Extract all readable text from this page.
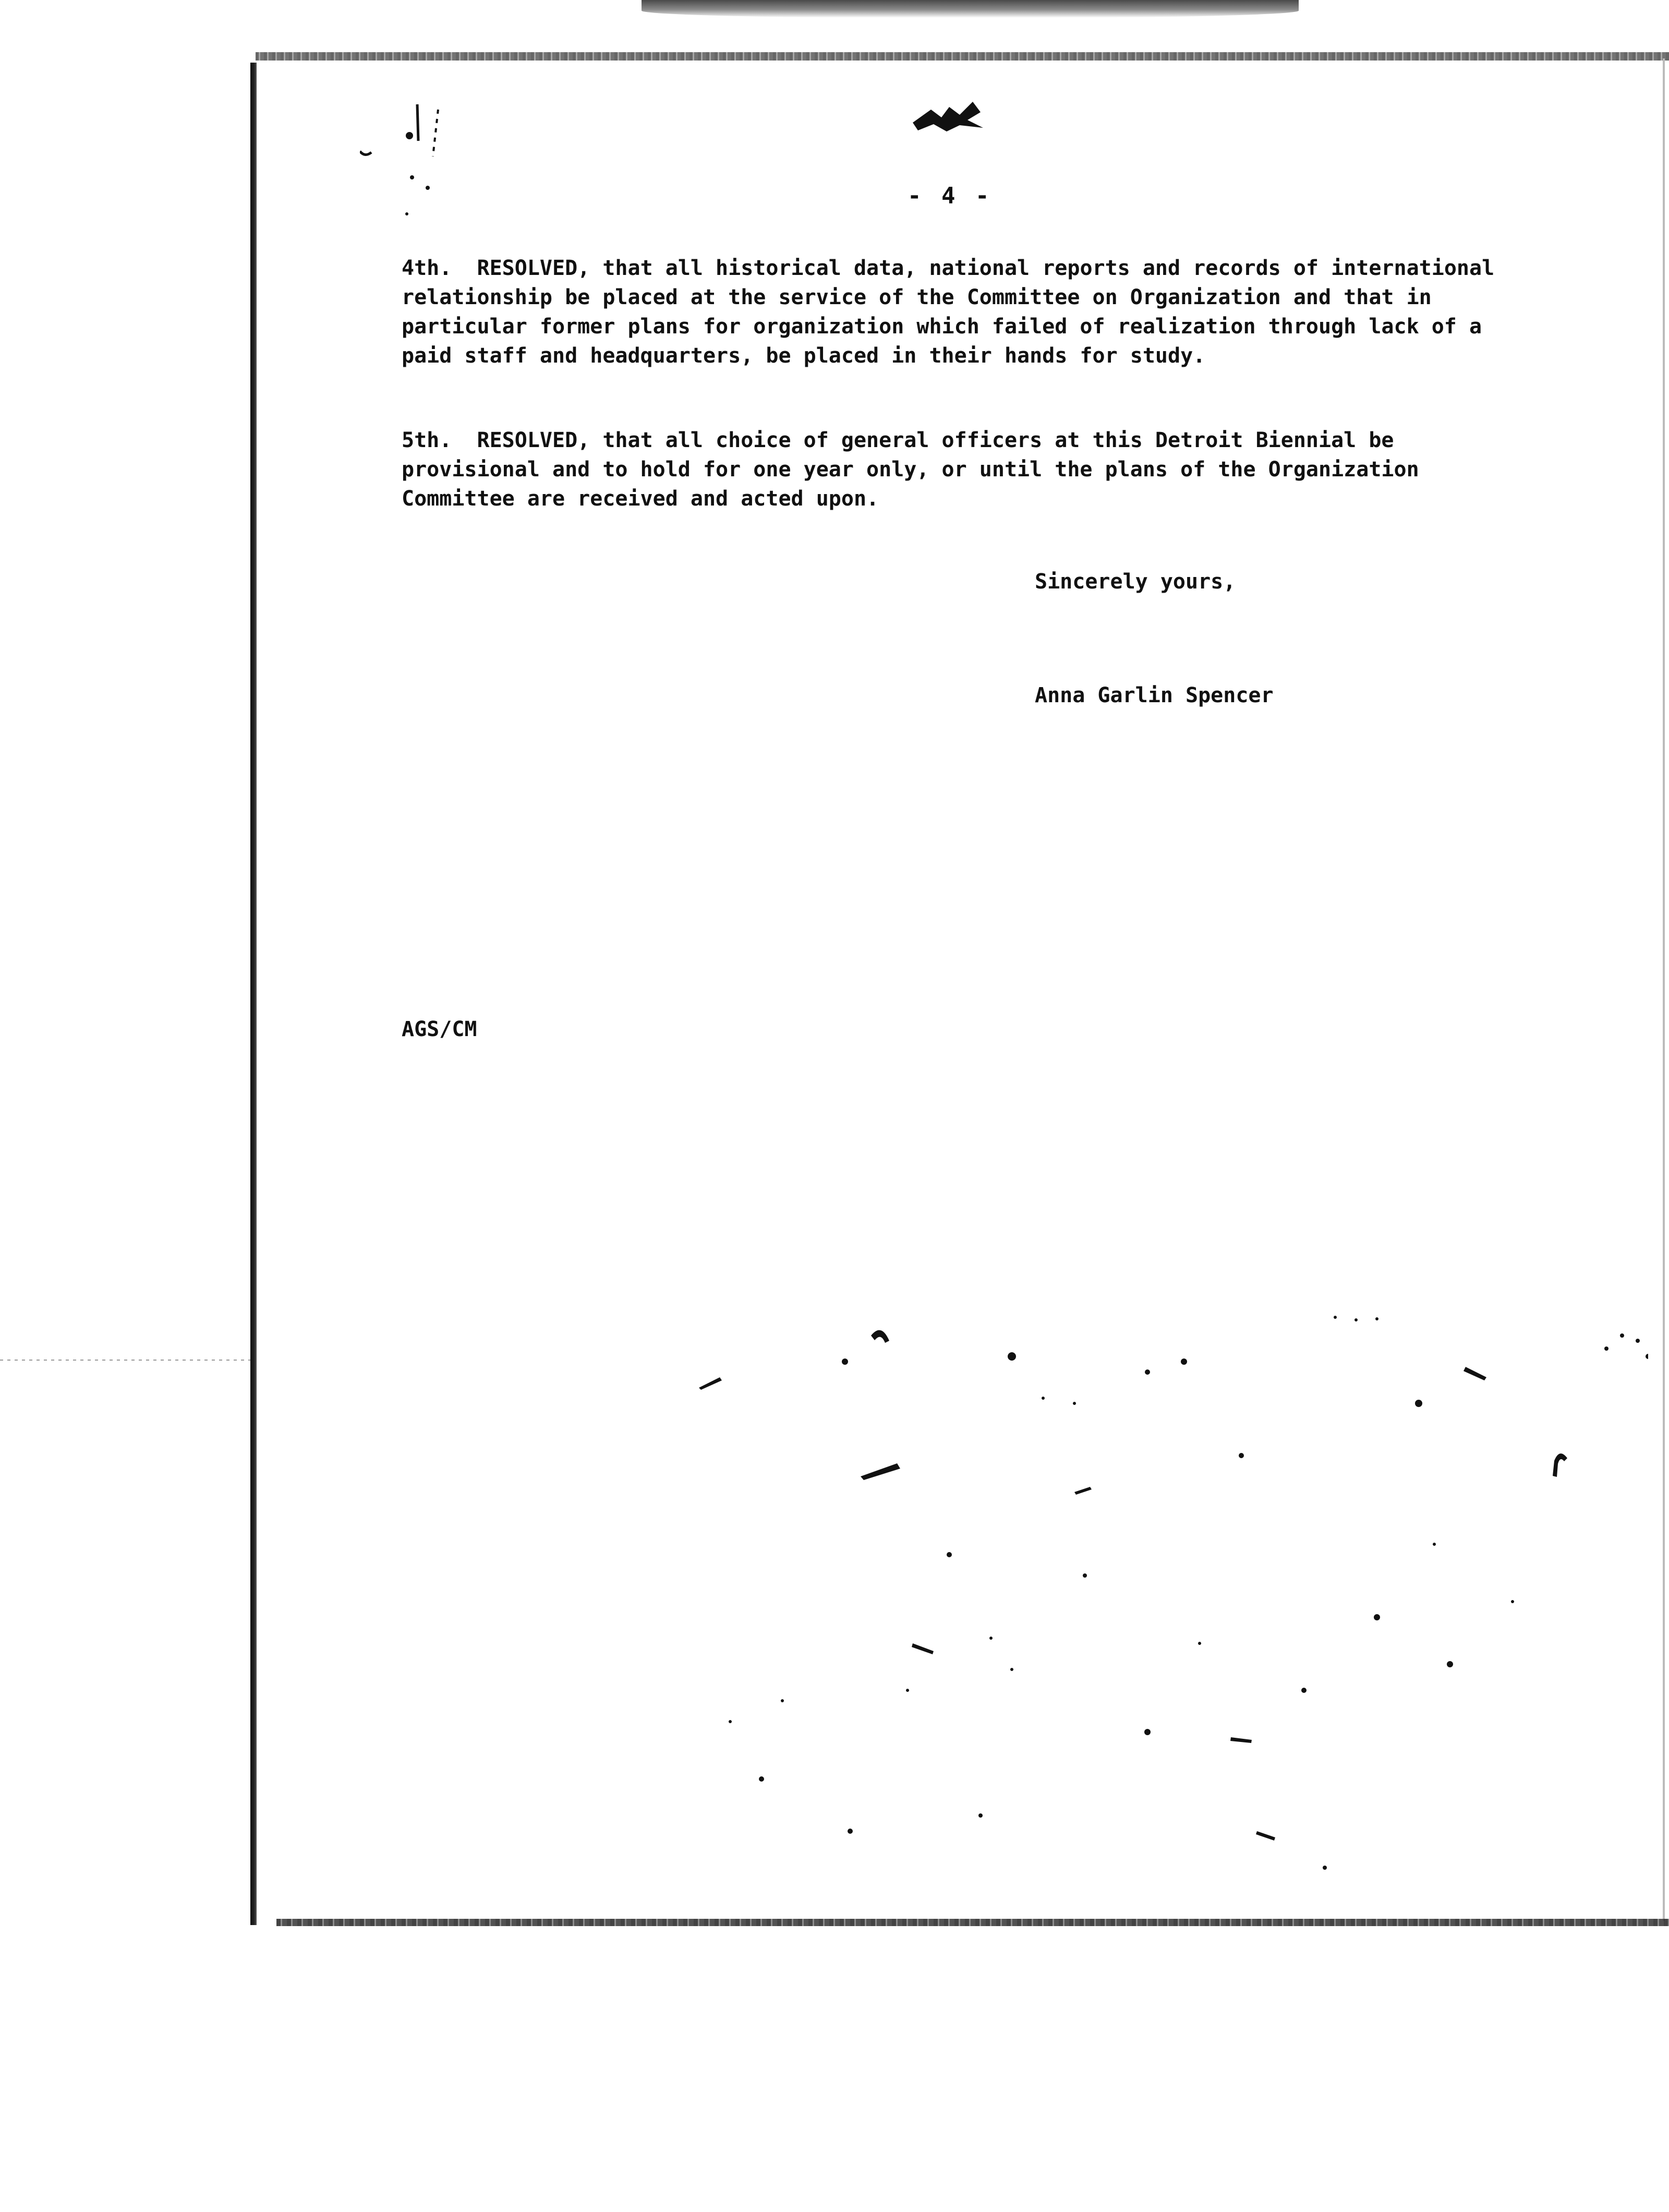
- 4 -

4th. RESOLVED, that all historical data, national reports and records of international relationship be placed at the service of the Committee on Organization and that in particular former plans for organization which failed of realization through lack of a paid staff and headquarters, be placed in their hands for study.

5th. RESOLVED, that all choice of general officers at this Detroit Biennial be provisional and to hold for one year only, or until the plans of the Organization Committee are received and acted upon.

Sincerely yours,
Anna Garlin Spencer
AGS/CM
